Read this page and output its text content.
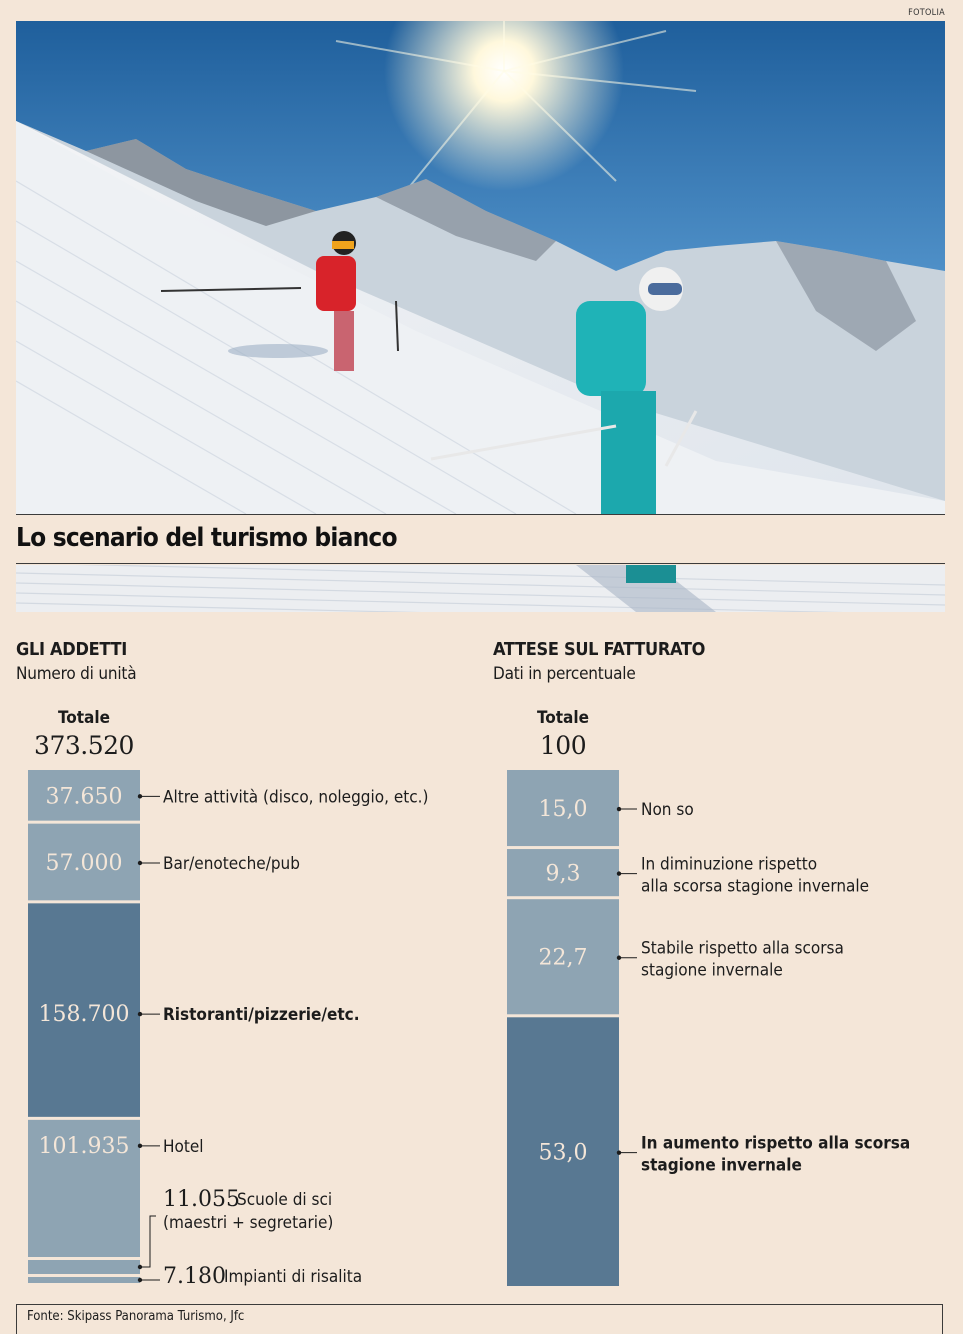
FOTOLIA
Lo scenario del turismo bianco
GLI ADDETTI
Numero di unità
Totale
373.520
ATTESE SUL FATTURATO
Dati in percentuale
Totale
100
37.650 Altre attività (disco, noleggio, etc.)
57.000 Bar/enoteche/pub
158.700 Ristoranti/pizzerie/etc.
101.935 Hotel
11.055
Scuole di sci
(maestri + segretarie)
7.180
Impianti di risalita
15,0	Non so
9,3	In diminuzione rispetto
alla scorsa stagione invernale
22,7	Stabile rispetto alla scorsa
stagione invernale
53,0	In aumento rispetto alla scorsa
stagione invernale
Fonte: Skipass Panorama Turismo, Jfc
